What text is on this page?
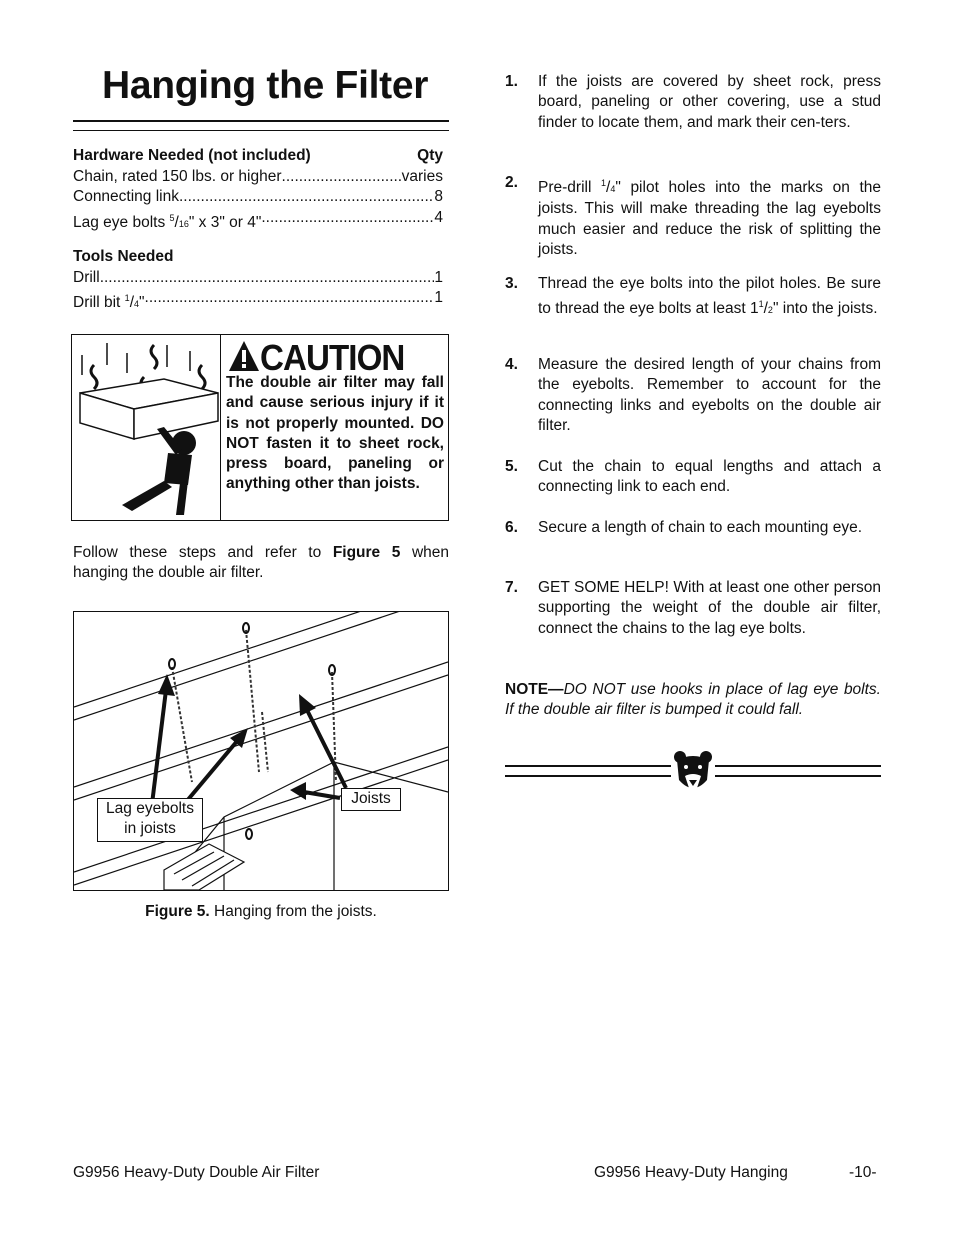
Hanging the Filter
Hardware Needed (not included)	Qty
Chain, rated 150 lbs. or higher .....	varies
Connecting link .....	8
Lag eye bolts $^5$/16" x 3" or 4" .....	4
Tools Needed
Drill .....	1
Drill bit $^1$/4" .....	1
CAUTION
The double air filter may fall and cause serious injury if it is not properly mounted. DO NOT fasten it to sheet rock, press board, paneling or anything other than joists.
Follow these steps and refer to Figure 5 when hanging the double air filter.
Lag eyebolts
in joists
Joists
Figure 5. Hanging from the joists.
1. If the joists are covered by sheet rock, press board, paneling or other covering, use a stud finder to locate them, and mark their cen-ters.
2. Pre-drill $^1$/4" pilot holes into the marks on the joists. This will make threading the lag eyebolts much easier and reduce the risk of splitting the joists.
3. Thread the eye bolts into the pilot holes. Be sure to thread the eye bolts at least $1^1/2$" into the joists.
4. Measure the desired length of your chains from the eyebolts. Remember to account for the connecting links and eyebolts on the double air filter.
5. Cut the chain to equal lengths and attach a connecting link to each end.
6. Secure a length of chain to each mounting eye.
7. GET SOME HELP! With at least one other person supporting the weight of the double air filter, connect the chains to the lag eye bolts.
NOTE—DO NOT use hooks in place of lag eye bolts. If the double air filter is bumped it could fall.
G9956 Heavy-Duty Double Air Filter	G9956 Heavy-Duty Hanging	-10-
